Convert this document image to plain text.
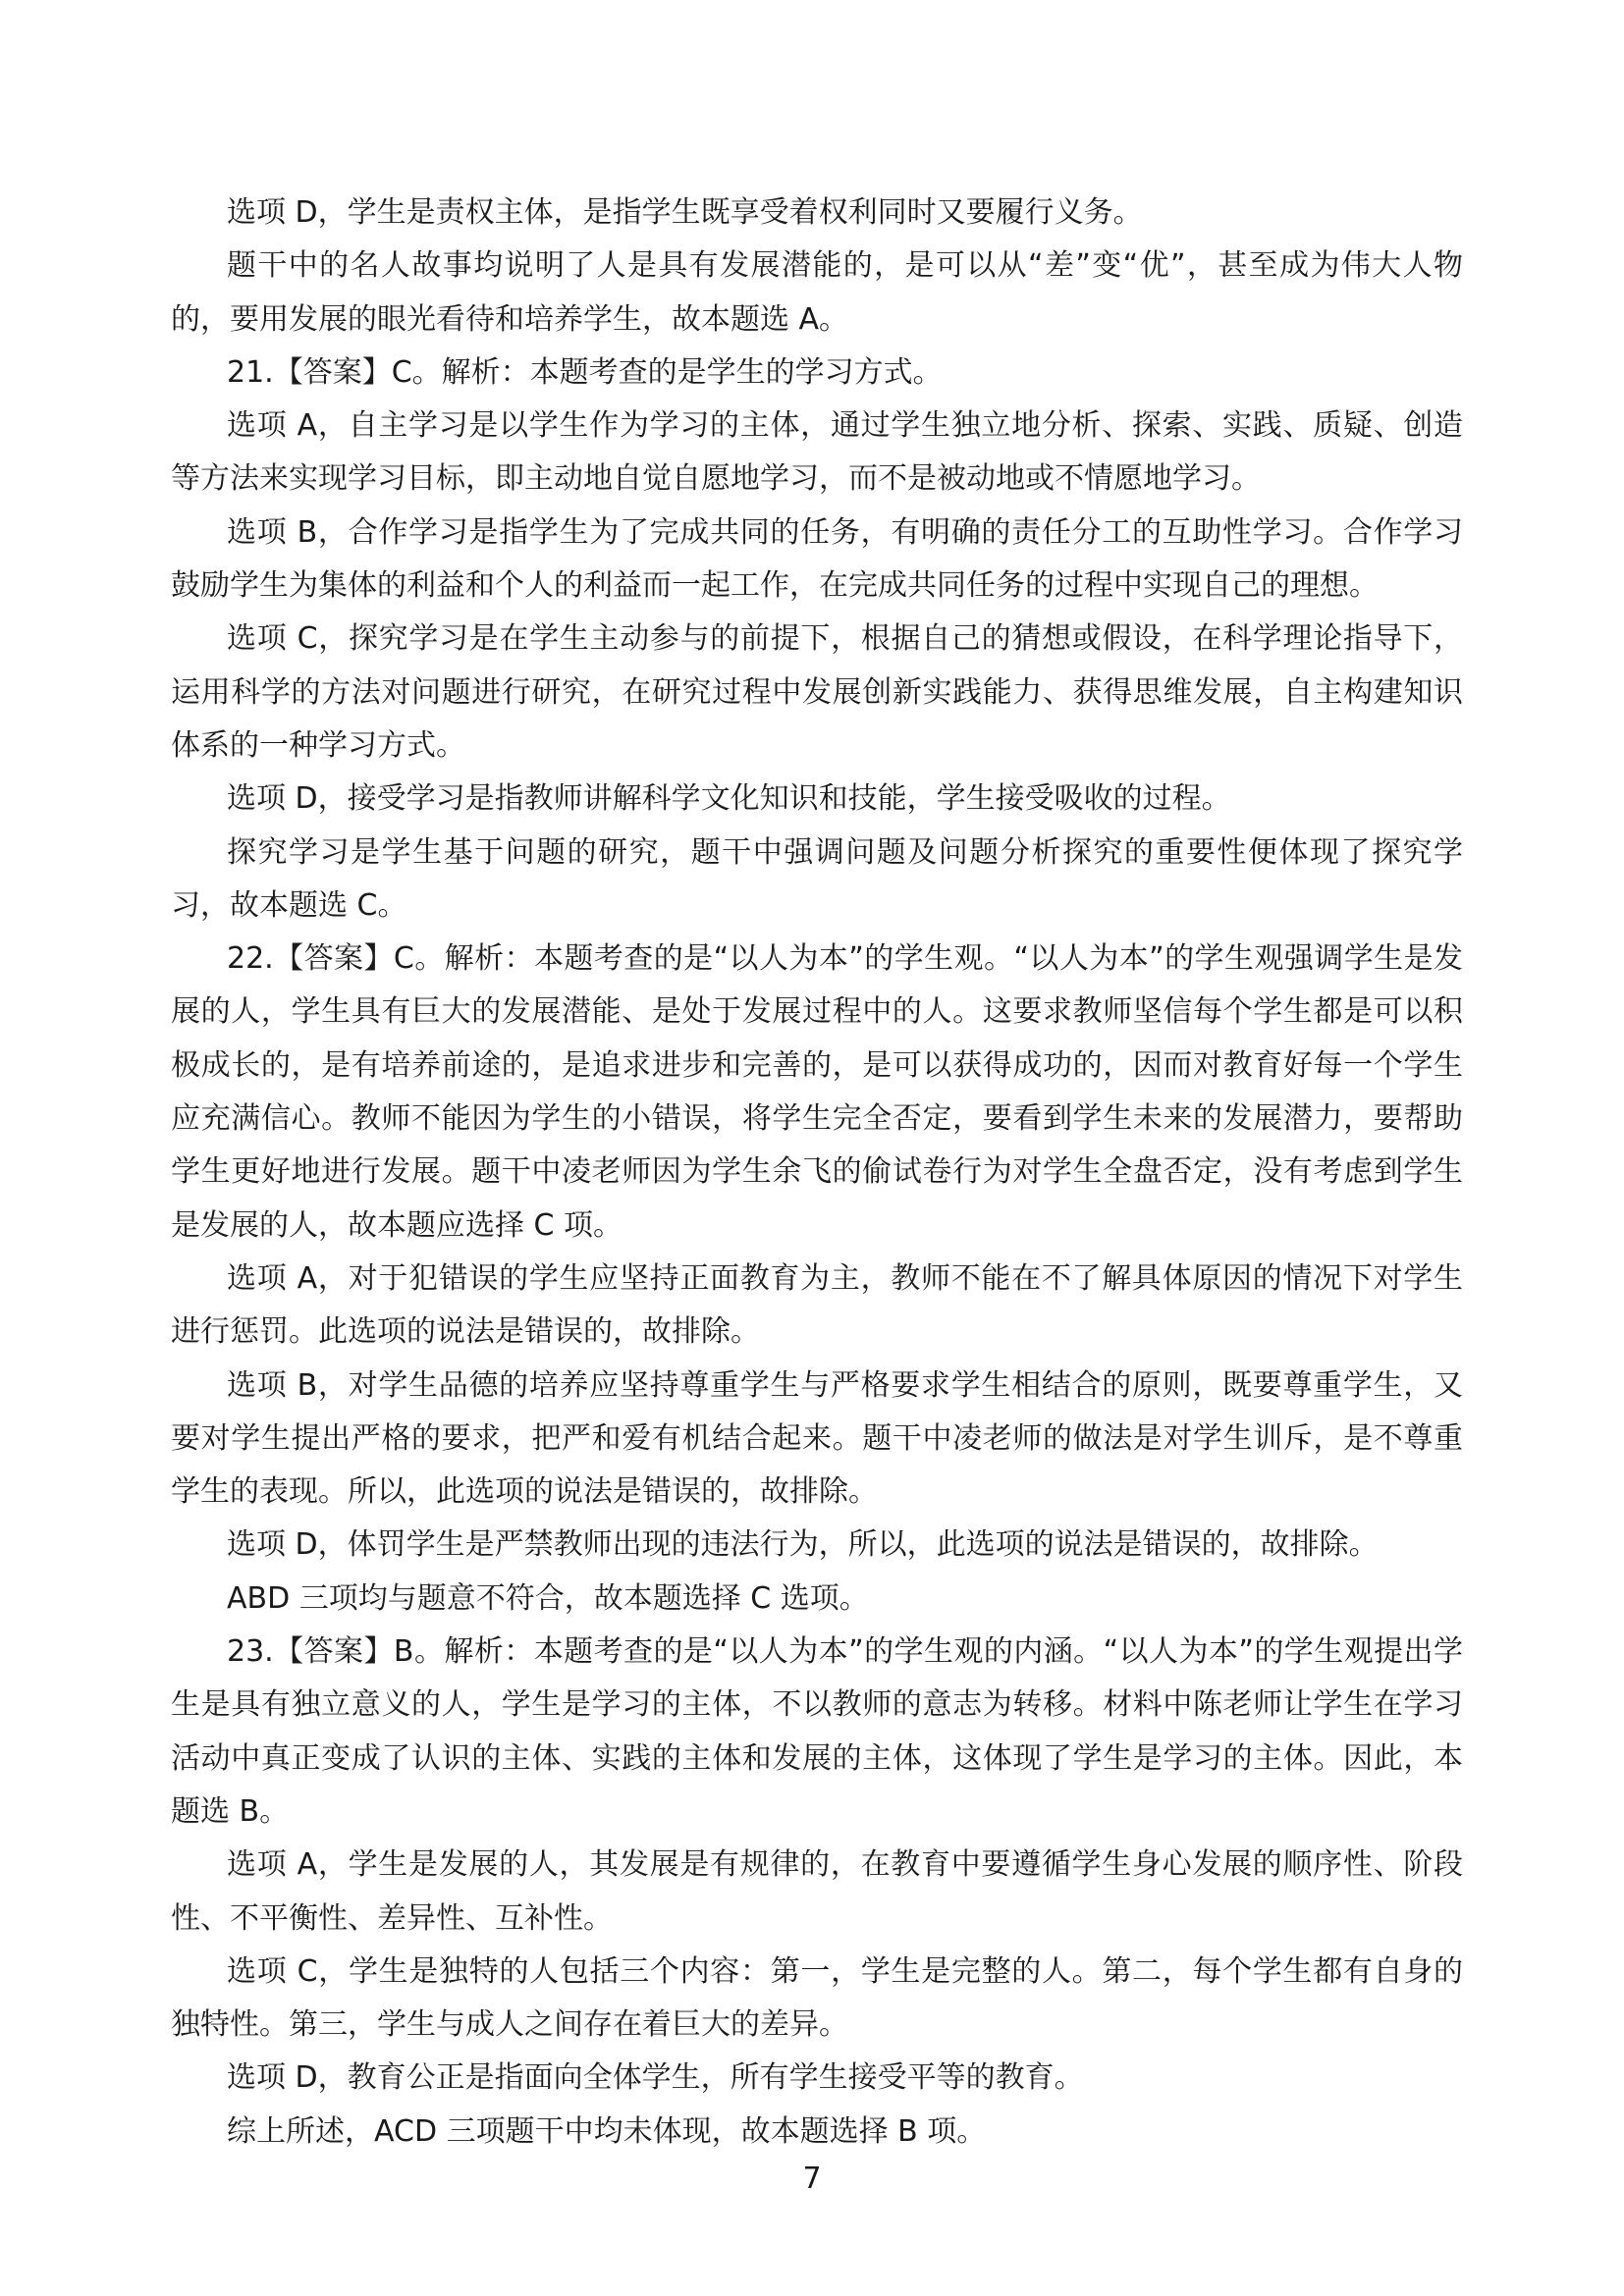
选项 D，学生是责权主体，是指学生既享受着权利同时又要履行义务。

题干中的名人故事均说明了人是具有发展潜能的，是可以从“差”变“优”，甚至成为伟大人物的，要用发展的眼光看待和培养学生，故本题选 A。

21.【答案】C。解析：本题考查的是学生的学习方式。

选项 A，自主学习是以学生作为学习的主体，通过学生独立地分析、探索、实践、质疑、创造等方法来实现学习目标，即主动地自觉自愿地学习，而不是被动地或不情愿地学习。

选项 B，合作学习是指学生为了完成共同的任务，有明确的责任分工的互助性学习。合作学习鼓励学生为集体的利益和个人的利益而一起工作，在完成共同任务的过程中实现自己的理想。

选项 C，探究学习是在学生主动参与的前提下，根据自己的猜想或假设，在科学理论指导下，运用科学的方法对问题进行研究，在研究过程中发展创新实践能力、获得思维发展，自主构建知识体系的一种学习方式。

选项 D，接受学习是指教师讲解科学文化知识和技能，学生接受吸收的过程。

探究学习是学生基于问题的研究，题干中强调问题及问题分析探究的重要性便体现了探究学习，故本题选 C。

22.【答案】C。解析：本题考查的是“以人为本”的学生观。“以人为本”的学生观强调学生是发展的人，学生具有巨大的发展潜能、是处于发展过程中的人。这要求教师坚信每个学生都是可以积极成长的，是有培养前途的，是追求进步和完善的，是可以获得成功的，因而对教育好每一个学生应充满信心。教师不能因为学生的小错误，将学生完全否定，要看到学生未来的发展潜力，要帮助学生更好地进行发展。题干中凌老师因为学生余飞的偷试卷行为对学生全盘否定，没有考虑到学生是发展的人，故本题应选择 C 项。

选项 A，对于犯错误的学生应坚持正面教育为主，教师不能在不了解具体原因的情况下对学生进行惩罚。此选项的说法是错误的，故排除。

选项 B，对学生品德的培养应坚持尊重学生与严格要求学生相结合的原则，既要尊重学生，又要对学生提出严格的要求，把严和爱有机结合起来。题干中凌老师的做法是对学生训斥，是不尊重学生的表现。所以，此选项的说法是错误的，故排除。

选项 D，体罚学生是严禁教师出现的违法行为，所以，此选项的说法是错误的，故排除。

ABD 三项均与题意不符合，故本题选择 C 选项。

23.【答案】B。解析：本题考查的是“以人为本”的学生观的内涵。“以人为本”的学生观提出学生是具有独立意义的人，学生是学习的主体，不以教师的意志为转移。材料中陈老师让学生在学习活动中真正变成了认识的主体、实践的主体和发展的主体，这体现了学生是学习的主体。因此，本题选 B。

选项 A，学生是发展的人，其发展是有规律的，在教育中要遵循学生身心发展的顺序性、阶段性、不平衡性、差异性、互补性。

选项 C，学生是独特的人包括三个内容：第一，学生是完整的人。第二，每个学生都有自身的独特性。第三，学生与成人之间存在着巨大的差异。

选项 D，教育公正是指面向全体学生，所有学生接受平等的教育。

综上所述，ACD 三项题干中均未体现，故本题选择 B 项。

7
